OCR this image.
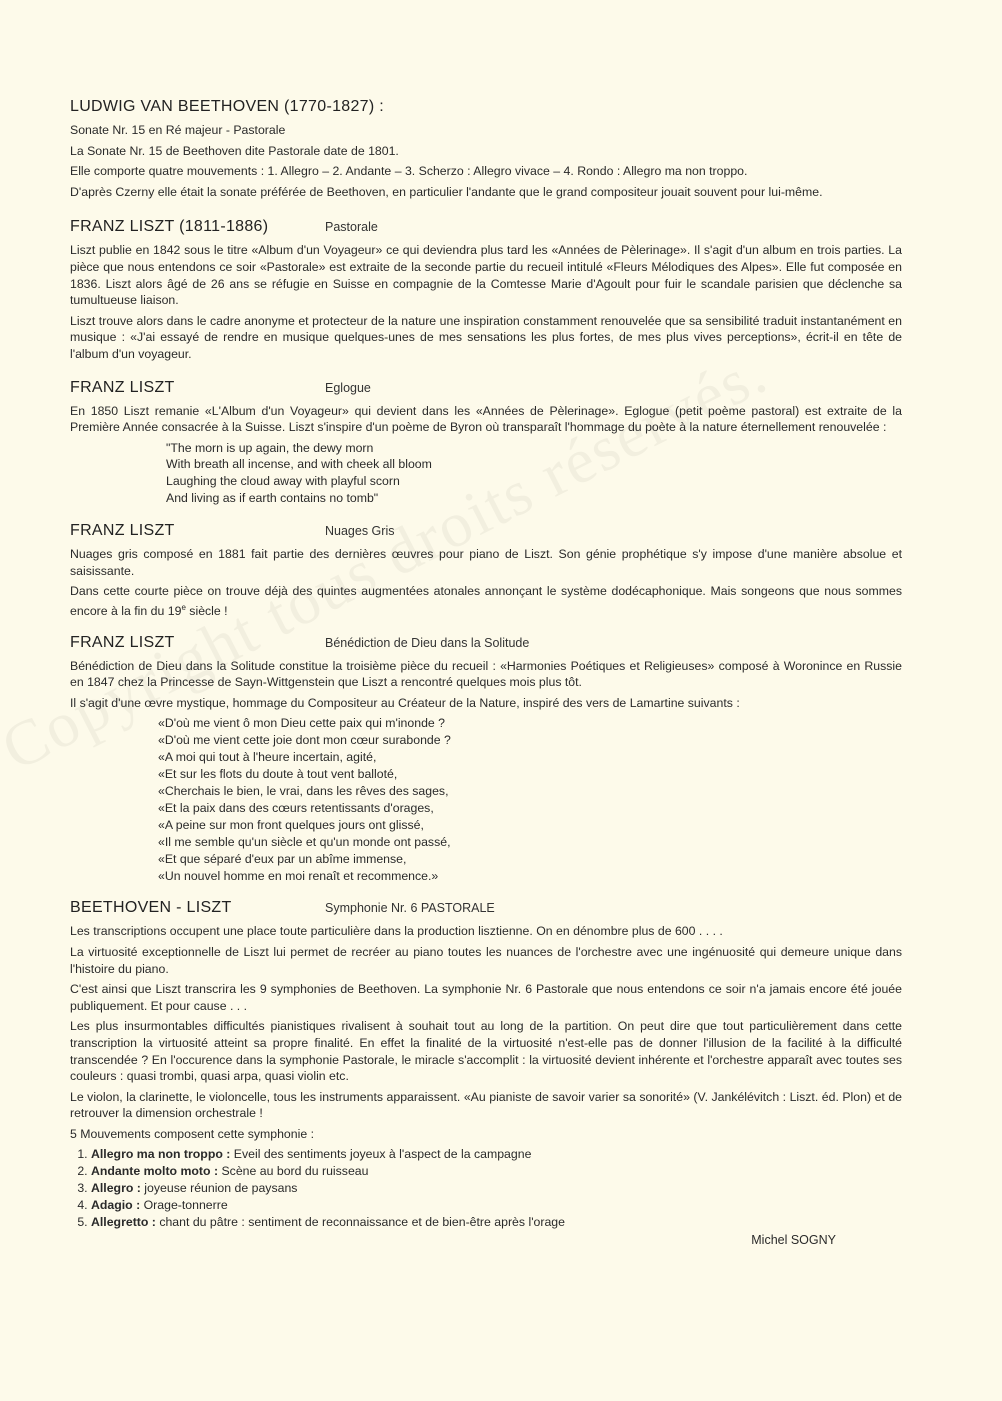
LUDWIG VAN BEETHOVEN (1770-1827) :

Sonate Nr. 15 en Ré majeur - Pastorale

La Sonate Nr. 15 de Beethoven dite Pastorale date de 1801.

Elle comporte quatre mouvements : 1. Allegro – 2. Andante – 3. Scherzo : Allegro vivace – 4. Rondo : Allegro ma non troppo.

D'après Czerny elle était la sonate préférée de Beethoven, en particulier l'andante que le grand compositeur jouait souvent pour lui-même.

FRANZ LISZT (1811-1886)	Pastorale

Liszt publie en 1842 sous le titre «Album d'un Voyageur» ce qui deviendra plus tard les «Années de Pèlerinage». Il s'agit d'un album en trois parties. La pièce que nous entendons ce soir «Pastorale» est extraite de la seconde partie du recueil intitulé «Fleurs Mélodiques des Alpes». Elle fut composée en 1836. Liszt alors âgé de 26 ans se réfugie en Suisse en compagnie de la Comtesse Marie d'Agoult pour fuir le scandale parisien que déclenche sa tumultueuse liaison.

Liszt trouve alors dans le cadre anonyme et protecteur de la nature une inspiration constamment renouvelée que sa sensibilité traduit instantanément en musique : «J'ai essayé de rendre en musique quelques-unes de mes sensations les plus fortes, de mes plus vives perceptions», écrit-il en tête de l'album d'un voyageur.

FRANZ LISZT	Eglogue

En 1850 Liszt remanie «L'Album d'un Voyageur» qui devient dans les «Années de Pèlerinage». Eglogue (petit poème pastoral) est extraite de la Première Année consacrée à la Suisse. Liszt s'inspire d'un poème de Byron où transparaît l'hommage du poète à la nature éternellement renouvelée :

"The morn is up again, the dewy morn
With breath all incense, and with cheek all bloom
Laughing the cloud away with playful scorn
And living as if earth contains no tomb"
FRANZ LISZT	Nuages Gris

Nuages gris composé en 1881 fait partie des dernières œuvres pour piano de Liszt. Son génie prophétique s'y impose d'une manière absolue et saisissante.

Dans cette courte pièce on trouve déjà des quintes augmentées atonales annonçant le système dodécaphonique. Mais songeons que nous sommes encore à la fin du 19e siècle !

FRANZ LISZT	Bénédiction de Dieu dans la Solitude

Bénédiction de Dieu dans la Solitude constitue la troisième pièce du recueil : «Harmonies Poétiques et Religieuses» composé à Woronince en Russie en 1847 chez la Princesse de Sayn-Wittgenstein que Liszt a rencontré quelques mois plus tôt.

Il s'agit d'une œvre mystique, hommage du Compositeur au Créateur de la Nature, inspiré des vers de Lamartine suivants :

«D'où me vient ô mon Dieu cette paix qui m'inonde ?
«D'où me vient cette joie dont mon cœur surabonde ?
«A moi qui tout à l'heure incertain, agité,
«Et sur les flots du doute à tout vent balloté,
«Cherchais le bien, le vrai, dans les rêves des sages,
«Et la paix dans des cœurs retentissants d'orages,
«A peine sur mon front quelques jours ont glissé,
«Il me semble qu'un siècle et qu'un monde ont passé,
«Et que séparé d'eux par un abîme immense,
«Un nouvel homme en moi renaît et recommence.»
BEETHOVEN - LISZT	Symphonie Nr. 6 PASTORALE

Les transcriptions occupent une place toute particulière dans la production lisztienne. On en dénombre plus de 600 . . . .

La virtuosité exceptionnelle de Liszt lui permet de recréer au piano toutes les nuances de l'orchestre avec une ingénuosité qui demeure unique dans l'histoire du piano.

C'est ainsi que Liszt transcrira les 9 symphonies de Beethoven. La symphonie Nr. 6 Pastorale que nous entendons ce soir n'a jamais encore été jouée publiquement. Et pour cause . . .

Les plus insurmontables difficultés pianistiques rivalisent à souhait tout au long de la partition. On peut dire que tout particulièrement dans cette transcription la virtuosité atteint sa propre finalité. En effet la finalité de la virtuosité n'est-elle pas de donner l'illusion de la facilité à la difficulté transcendée ? En l'occurence dans la symphonie Pastorale, le miracle s'accomplit : la virtuosité devient inhérente et l'orchestre apparaît avec toutes ses couleurs : quasi trombi, quasi arpa, quasi violin etc.

Le violon, la clarinette, le violoncelle, tous les instruments apparaissent. «Au pianiste de savoir varier sa sonorité» (V. Jankélévitch : Liszt. éd. Plon) et de retrouver la dimension orchestrale !

5 Mouvements composent cette symphonie :

1. Allegro ma non troppo : Eveil des sentiments joyeux à l'aspect de la campagne
2. Andante molto moto : Scène au bord du ruisseau
3. Allegro : joyeuse réunion de paysans
4. Adagio : Orage-tonnerre
5. Allegretto : chant du pâtre : sentiment de reconnaissance et de bien-être après l'orage
Michel SOGNY
